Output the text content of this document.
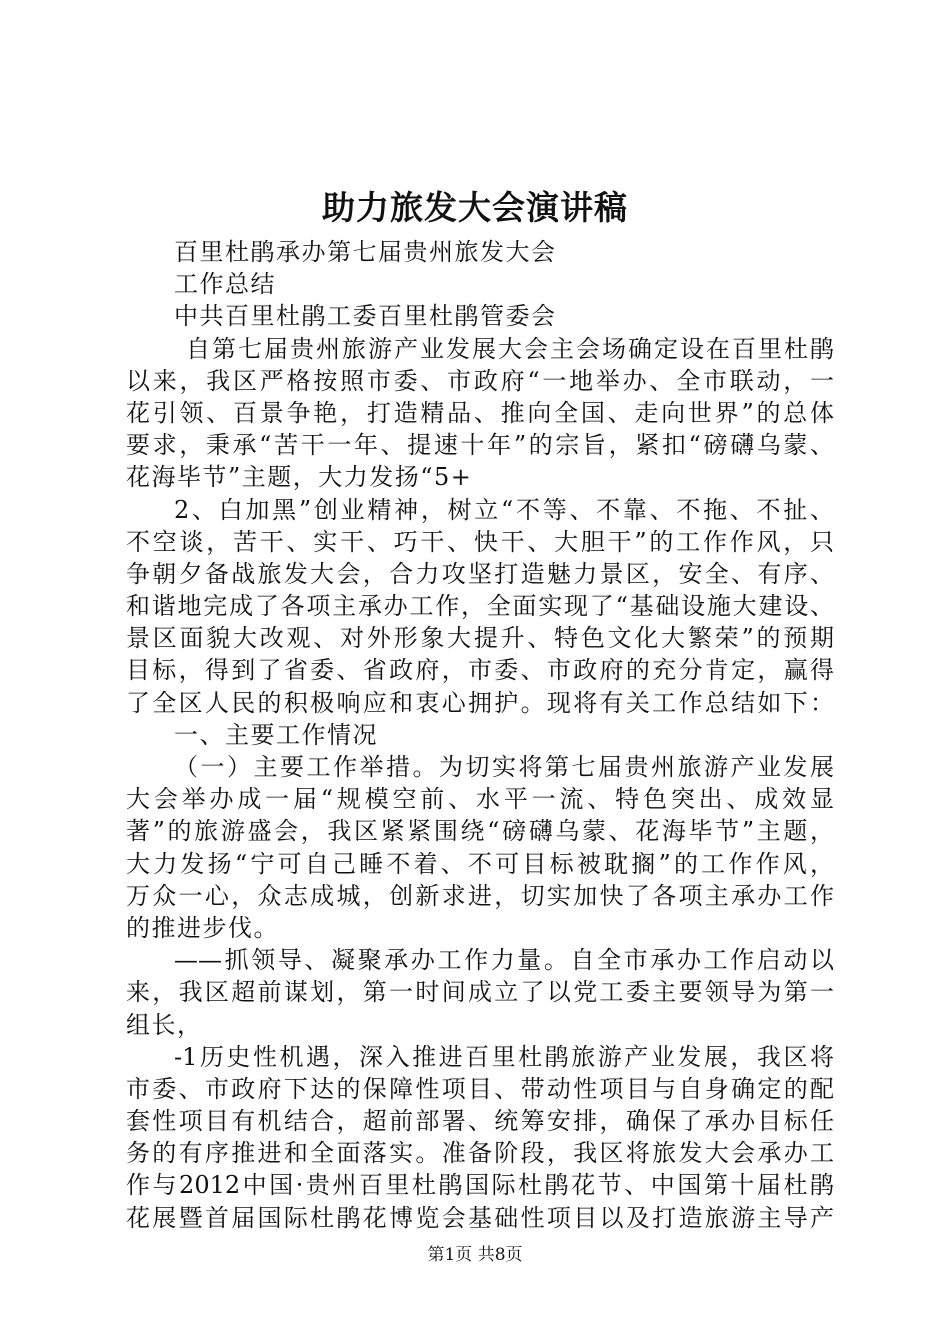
助力旅发大会演讲稿
百里杜鹃承办第七届贵州旅发大会
工作总结
中共百里杜鹃工委百里杜鹃管委会
自第七届贵州旅游产业发展大会主会场确定设在百里杜鹃
以来，我区严格按照市委、市政府“一地举办、全市联动，一
花引领、百景争艳，打造精品、推向全国、走向世界”的总体
要求，秉承“苦干一年、提速十年”的宗旨，紧扣“磅礴乌蒙、
花海毕节”主题，大力发扬“5+
2、白加黑”创业精神，树立“不等、不靠、不拖、不扯、
不空谈，苦干、实干、巧干、快干、大胆干”的工作作风，只
争朝夕备战旅发大会，合力攻坚打造魅力景区，安全、有序、
和谐地完成了各项主承办工作，全面实现了“基础设施大建设、
景区面貌大改观、对外形象大提升、特色文化大繁荣”的预期
目标，得到了省委、省政府，市委、市政府的充分肯定，赢得
了全区人民的积极响应和衷心拥护。现将有关工作总结如下：
一、主要工作情况
（一）主要工作举措。为切实将第七届贵州旅游产业发展
大会举办成一届“规模空前、水平一流、特色突出、成效显
著”的旅游盛会，我区紧紧围绕“磅礴乌蒙、花海毕节”主题，
大力发扬“宁可自己睡不着、不可目标被耽搁”的工作作风，
万众一心，众志成城，创新求进，切实加快了各项主承办工作
的推进步伐。
——抓领导、凝聚承办工作力量。自全市承办工作启动以
来，我区超前谋划，第一时间成立了以党工委主要领导为第一
组长，
-1历史性机遇，深入推进百里杜鹃旅游产业发展，我区将
市委、市政府下达的保障性项目、带动性项目与自身确定的配
套性项目有机结合，超前部署、统筹安排，确保了承办目标任
务的有序推进和全面落实。准备阶段，我区将旅发大会承办工
作与2012中国·贵州百里杜鹃国际杜鹃花节、中国第十届杜鹃
花展暨首届国际杜鹃花博览会基础性项目以及打造旅游主导产
第1页 共8页
